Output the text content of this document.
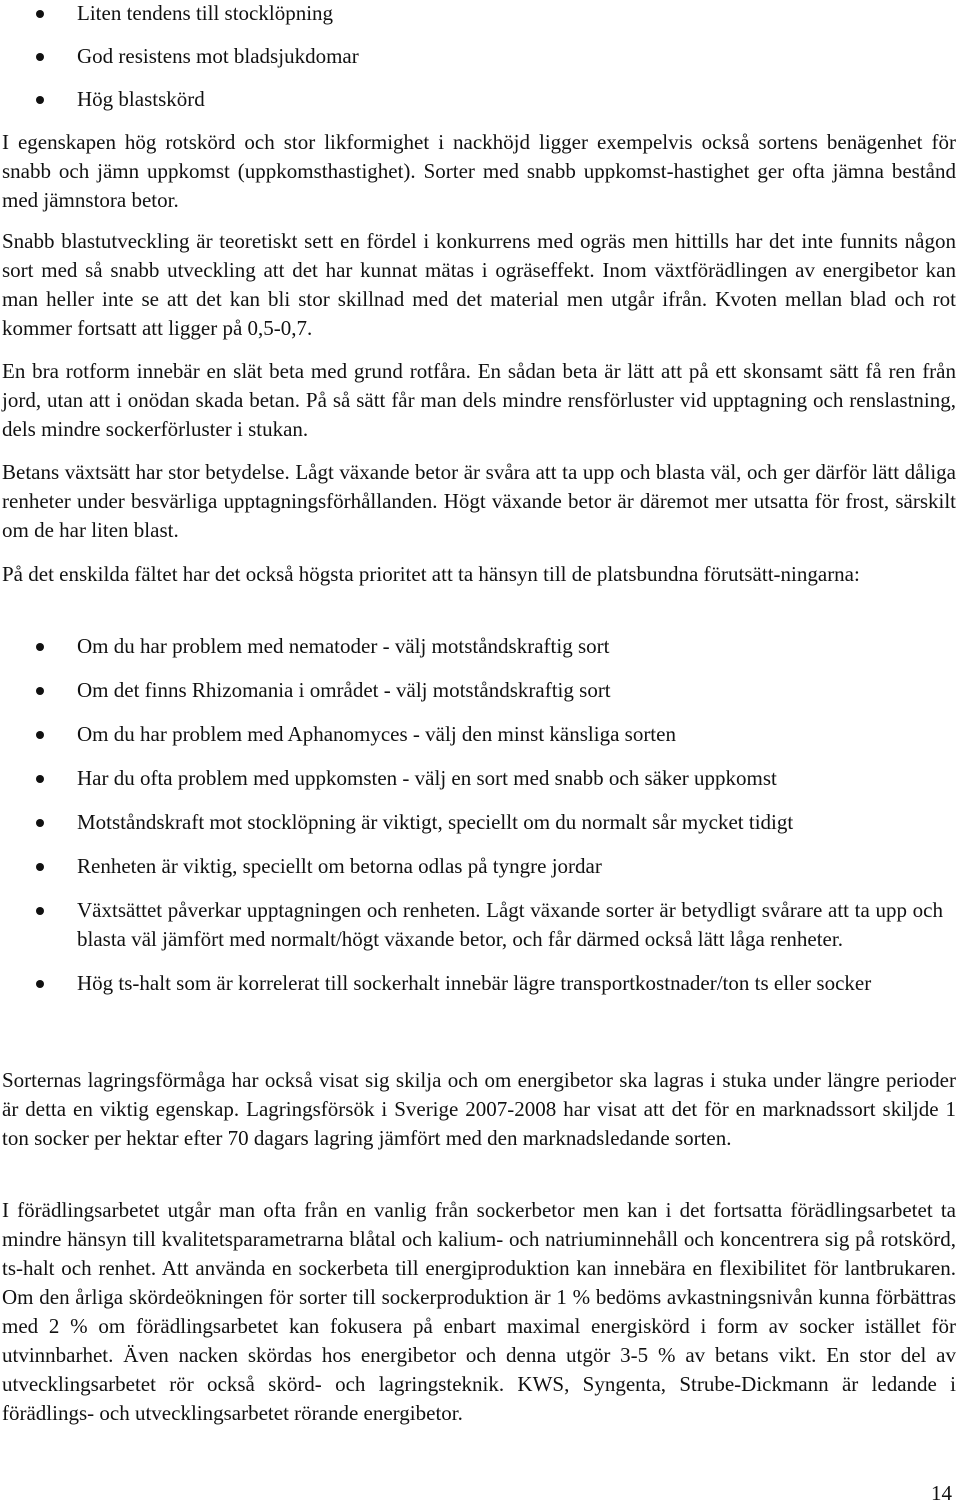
Liten tendens till stocklöpning
God resistens mot bladsjukdomar
Hög blastskörd

I egenskapen hög rotskörd och stor likformighet i nackhöjd ligger exempelvis också sortens benägenhet för snabb och jämn uppkomst (uppkomsthastighet). Sorter med snabb uppkomst-hastighet ger ofta jämna bestånd med jämnstora betor.

Snabb blastutveckling är teoretiskt sett en fördel i konkurrens med ogräs men hittills har det inte funnits någon sort med så snabb utveckling att det har kunnat mätas i ogräseffekt. Inom växtförädlingen av energibetor kan man heller inte se att det kan bli stor skillnad med det material men utgår ifrån. Kvoten mellan blad och rot kommer fortsatt att ligger på 0,5-0,7.

En bra rotform innebär en slät beta med grund rotfåra. En sådan beta är lätt att på ett skonsamt sätt få ren från jord, utan att i onödan skada betan. På så sätt får man dels mindre rensförluster vid upptagning och renslastning, dels mindre sockerförluster i stukan.

Betans växtsätt har stor betydelse. Lågt växande betor är svåra att ta upp och blasta väl, och ger därför lätt dåliga renheter under besvärliga upptagningsförhållanden. Högt växande betor är däremot mer utsatta för frost, särskilt om de har liten blast.

På det enskilda fältet har det också högsta prioritet att ta hänsyn till de platsbundna förutsätt-ningarna:

Om du har problem med nematoder - välj motståndskraftig sort
Om det finns Rhizomania i området - välj motståndskraftig sort
Om du har problem med Aphanomyces - välj den minst känsliga sorten
Har du ofta problem med uppkomsten - välj en sort med snabb och säker uppkomst
Motståndskraft mot stocklöpning är viktigt, speciellt om du normalt sår mycket tidigt
Renheten är viktig, speciellt om betorna odlas på tyngre jordar
Växtsättet påverkar upptagningen och renheten. Lågt växande sorter är betydligt svårare att ta upp och blasta väl jämfört med normalt/högt växande betor, och får därmed också lätt låga renheter.
Hög ts-halt som är korrelerat till sockerhalt innebär lägre transportkostnader/ton ts eller socker

Sorternas lagringsförmåga har också visat sig skilja och om energibetor ska lagras i stuka under längre perioder är detta en viktig egenskap. Lagringsförsök i Sverige 2007-2008 har visat att det för en marknadssort skiljde 1 ton socker per hektar efter 70 dagars lagring jämfört med den marknadsledande sorten.

I förädlingsarbetet utgår man ofta från en vanlig från sockerbetor men kan i det fortsatta förädlingsarbetet ta mindre hänsyn till kvalitetsparametrarna blåtal och kalium- och natriuminnehåll och koncentrera sig på rotskörd, ts-halt och renhet. Att använda en sockerbeta till energiproduktion kan innebära en flexibilitet för lantbrukaren. Om den årliga skördeökningen för sorter till sockerproduktion är 1 % bedöms avkastningsnivån kunna förbättras med 2 % om förädlingsarbetet kan fokusera på enbart maximal energiskörd i form av socker istället för utvinnbarhet. Även nacken skördas hos energibetor och denna utgör 3-5 % av betans vikt. En stor del av utvecklingsarbetet rör också skörd- och lagringsteknik. KWS, Syngenta, Strube-Dickmann är ledande i förädlings- och utvecklingsarbetet rörande energibetor.

14
